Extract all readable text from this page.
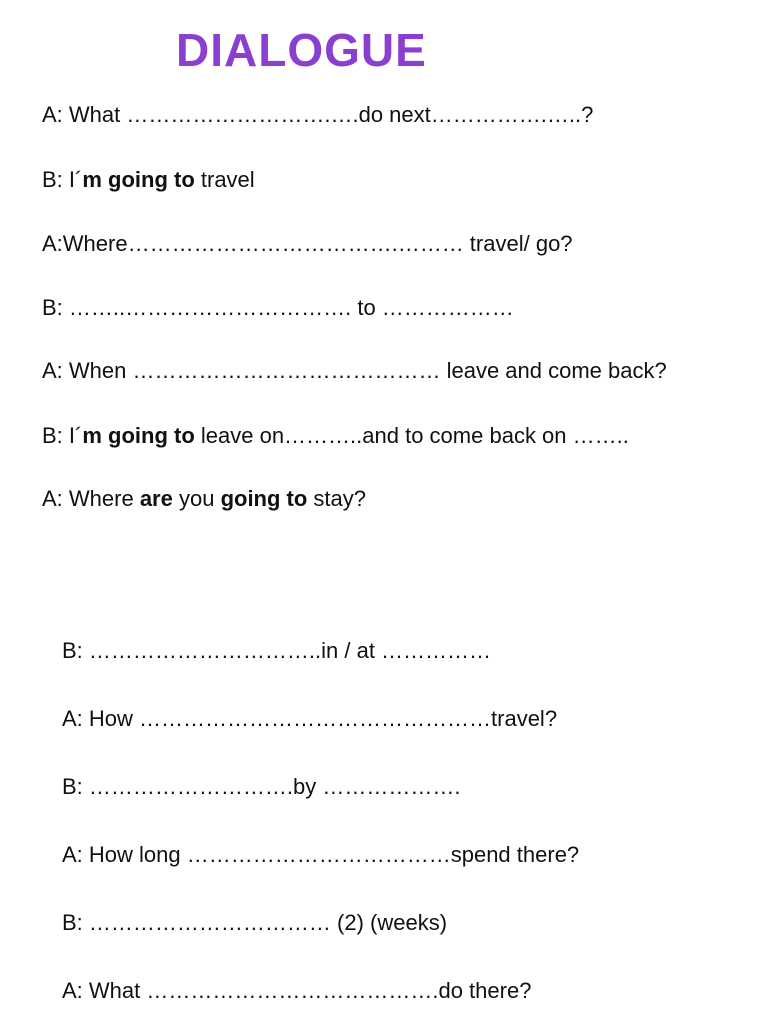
DIALOGUE
A: What ……………………….….do next…………….…..?
B: I´m going to travel
A:Where……………………………….……… travel/ go?
B: ……..…………………………. to ………………
A: When …………………………………… leave and come back?
B: I´m going to leave on………..and to come back on ……..
A: Where are you going to stay?
B: …………………………..in / at ……………
A: How …………………………………………travel?
B: ……………………….by ……………….
A: How long ………………………………spend there?
B: …………………………… (2) (weeks)
A: What ………………………………….do there?
